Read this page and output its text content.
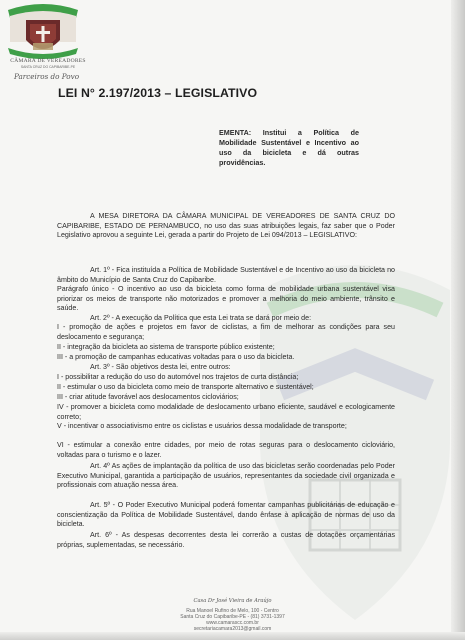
CÂMARA DE VEREADORES
SANTA CRUZ DO CAPIBARIBE-PE
Parceiros do Povo
LEI N° 2.197/2013 – LEGISLATIVO

EMENTA: Institui a Política de Mobilidade Sustentável e Incentivo ao uso da bicicleta e dá outras providências.

A MESA DIRETORA DA CÂMARA MUNICIPAL DE VEREADORES DE SANTA CRUZ DO CAPIBARIBE, ESTADO DE PERNAMBUCO, no uso das suas atribuições legais, faz saber que o Poder Legislativo aprovou a seguinte Lei, gerada a partir do Projeto de Lei 094/2013 – LEGISLATIVO:

Art. 1º - Fica instituída a Política de Mobilidade Sustentável e de Incentivo ao uso da bicicleta no âmbito do Município de Santa Cruz do Capibaribe.

Parágrafo único - O incentivo ao uso da bicicleta como forma de mobilidade urbana sustentável visa priorizar os meios de transporte não motorizados e promover a melhoria do meio ambiente, trânsito e saúde.

Art. 2º - A execução da Política que esta Lei trata se dará por meio de:

I - promoção de ações e projetos em favor de ciclistas, a fim de melhorar as condições para seu deslocamento e segurança;

II - integração da bicicleta ao sistema de transporte público existente;

III - a promoção de campanhas educativas voltadas para o uso da bicicleta.

Art. 3º - São objetivos desta lei, entre outros:

I - possibilitar a redução do uso do automóvel nos trajetos de curta distância;

II - estimular o uso da bicicleta como meio de transporte alternativo e sustentável;

III - criar atitude favorável aos deslocamentos cicloviários;

IV - promover a bicicleta como modalidade de deslocamento urbano eficiente, saudável e ecologicamente correto;

V - incentivar o associativismo entre os ciclistas e usuários dessa modalidade de transporte;

VI - estimular a conexão entre cidades, por meio de rotas seguras para o deslocamento cicloviário, voltadas para o turismo e o lazer.

Art. 4º As ações de implantação da política de uso das bicicletas serão coordenadas pelo Poder Executivo Municipal, garantida a participação de usuários, representantes da sociedade civil organizada e profissionais com atuação nessa área.

Art. 5º - O Poder Executivo Municipal poderá fomentar campanhas publicitárias de educação e conscientização da Política de Mobilidade Sustentável, dando ênfase à aplicação de normas de uso da bicicleta.

Art. 6º - As despesas decorrentes desta lei correrão a custas de dotações orçamentárias próprias, suplementadas, se necessário.

Casa Dr José Vieira de Araújo
Rua Manoel Rufino de Melo, 100 - Centro
Santa Cruz do Capibaribe-PE - (81) 3731-1397
www.camarascc.com.br
secretariacamara2013@gmail.com
